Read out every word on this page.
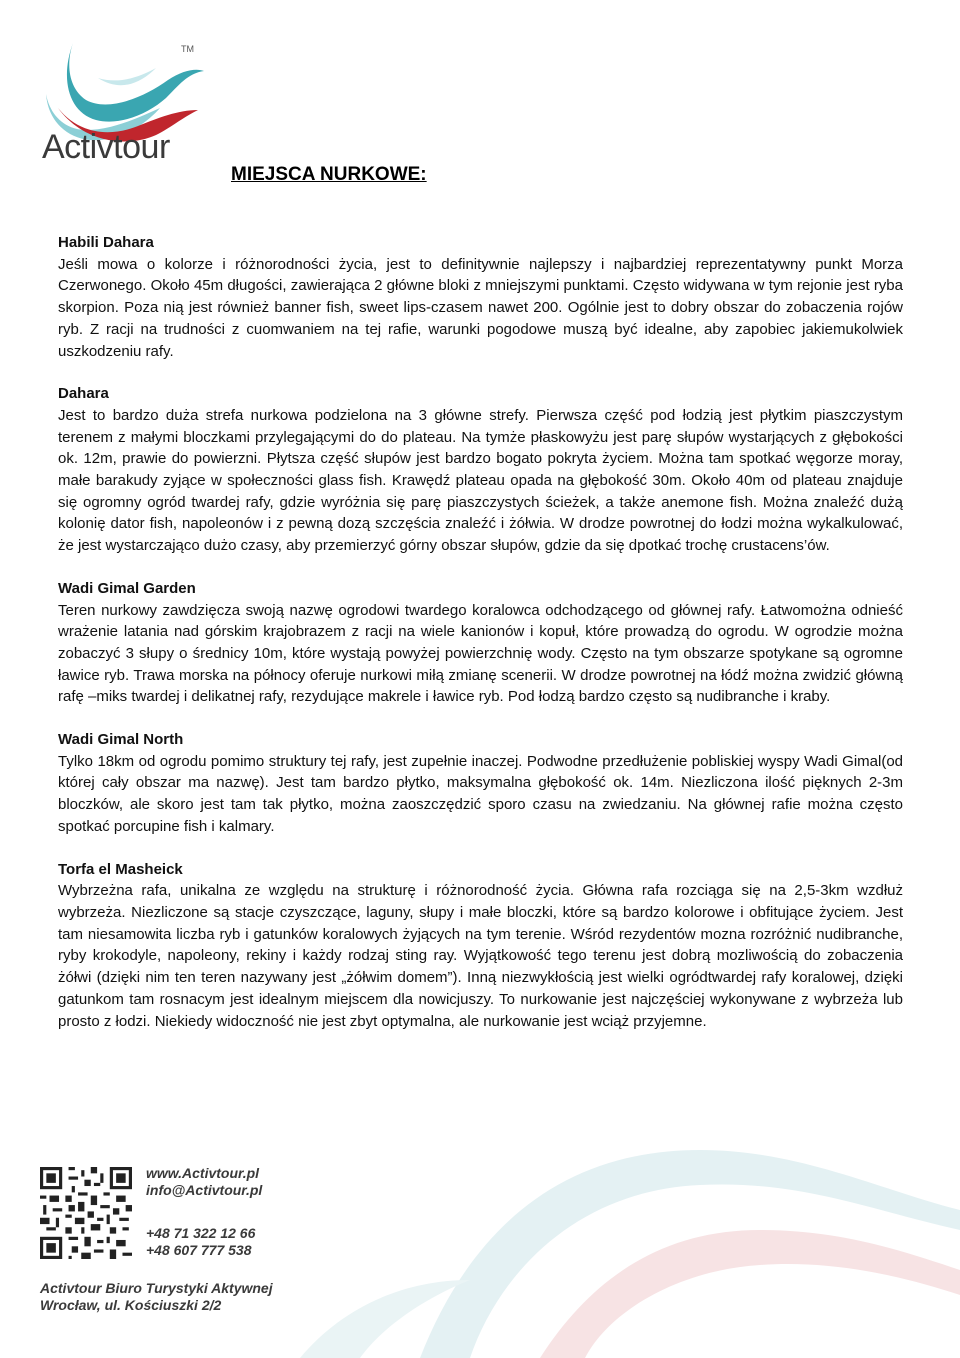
Activtour
TM
MIEJSCA NURKOWE:
Habili Dahara

Jeśli mowa o kolorze i różnorodności życia, jest to definitywnie najlepszy i najbardziej reprezentatywny punkt Morza Czerwonego. Około 45m długości, zawierająca 2 główne bloki z mniejszymi punktami. Często widywana w tym rejonie jest ryba skorpion. Poza nią jest również banner fish, sweet lips-czasem nawet 200. Ogólnie jest to dobry obszar do zobaczenia rojów ryb. Z racji na trudności z cuomwaniem na tej rafie, warunki pogodowe muszą być idealne, aby zapobiec jakiemukolwiek uszkodzeniu rafy.

Dahara

Jest to bardzo duża strefa nurkowa podzielona na 3 główne strefy. Pierwsza część pod łodzią jest płytkim piaszczystym terenem z małymi bloczkami przylegającymi do do plateau. Na tymże płaskowyżu jest parę słupów wystarjących z głębokości ok. 12m, prawie do powierzni. Płytsza część słupów jest bardzo bogato pokryta życiem. Można tam spotkać węgorze moray, małe barakudy zyjące w społeczności glass fish. Krawędź plateau opada na głębokość 30m. Około 40m od plateau znajduje się ogromny ogród twardej rafy, gdzie wyróżnia się parę piaszczystych ścieżek, a także anemone fish. Można znaleźć dużą kolonię dator fish, napoleonów i z pewną dozą szczęścia znaleźć i żółwia. W drodze powrotnej do łodzi można wykalkulować, że jest wystarczająco dużo czasy, aby przemierzyć górny obszar słupów, gdzie da się dpotkać trochę crustacens’ów.

Wadi Gimal Garden

Teren nurkowy zawdzięcza swoją nazwę ogrodowi twardego koralowca odchodzącego od głównej rafy. Łatwomożna odnieść wrażenie latania nad górskim krajobrazem z racji na wiele kanionów i kopuł, które prowadzą do ogrodu. W ogrodzie można zobaczyć 3 słupy o średnicy 10m, które wystają powyżej powierzchnię wody. Często na tym obszarze spotykane są ogromne ławice ryb. Trawa morska na północy oferuje nurkowi miłą zmianę scenerii. W drodze powrotnej na łódź można zwidzić główną rafę –miks twardej i delikatnej rafy, rezydujące makrele i ławice ryb. Pod łodzą bardzo często są nudibranche i kraby.

Wadi Gimal North

Tylko 18km od ogrodu pomimo struktury tej rafy, jest zupełnie inaczej. Podwodne przedłużenie pobliskiej wyspy Wadi Gimal(od której cały obszar ma nazwę). Jest tam bardzo płytko, maksymalna głębokość ok. 14m. Niezliczona ilość pięknych 2-3m bloczków, ale skoro jest tam tak płytko, można zaoszczędzić sporo czasu na zwiedzaniu. Na głównej rafie można często spotkać porcupine fish i kalmary.

Torfa el Masheick

Wybrzeżna rafa, unikalna ze względu na strukturę i różnorodność życia. Główna rafa rozciąga się na 2,5-3km wzdłuż wybrzeża. Niezliczone są stacje czyszczące, laguny, słupy i małe bloczki, które są bardzo kolorowe i obfitujące życiem. Jest tam niesamowita liczba ryb i gatunków koralowych żyjących na tym terenie. Wśród rezydentów mozna rozróżnić nudibranche, ryby krokodyle, napoleony, rekiny i każdy rodzaj sting ray. Wyjątkowość tego terenu jest dobrą mozliwością do zobaczenia żółwi (dzięki nim ten teren nazywany jest „żółwim domem”). Inną niezwykłością jest wielki ogródtwardej rafy koralowej, dzięki gatunkom tam rosnacym jest idealnym miejscem dla nowicjuszy. To nurkowanie jest najczęściej wykonywane z wybrzeża lub prosto z łodzi. Niekiedy widoczność nie jest zbyt optymalna, ale nurkowanie jest wciąż przyjemne.

www.Activtour.pl
info@Activtour.pl
+48 71 322 12 66
+48 607 777 538
Activtour Biuro Turystyki Aktywnej
Wrocław, ul. Kościuszki 2/2
